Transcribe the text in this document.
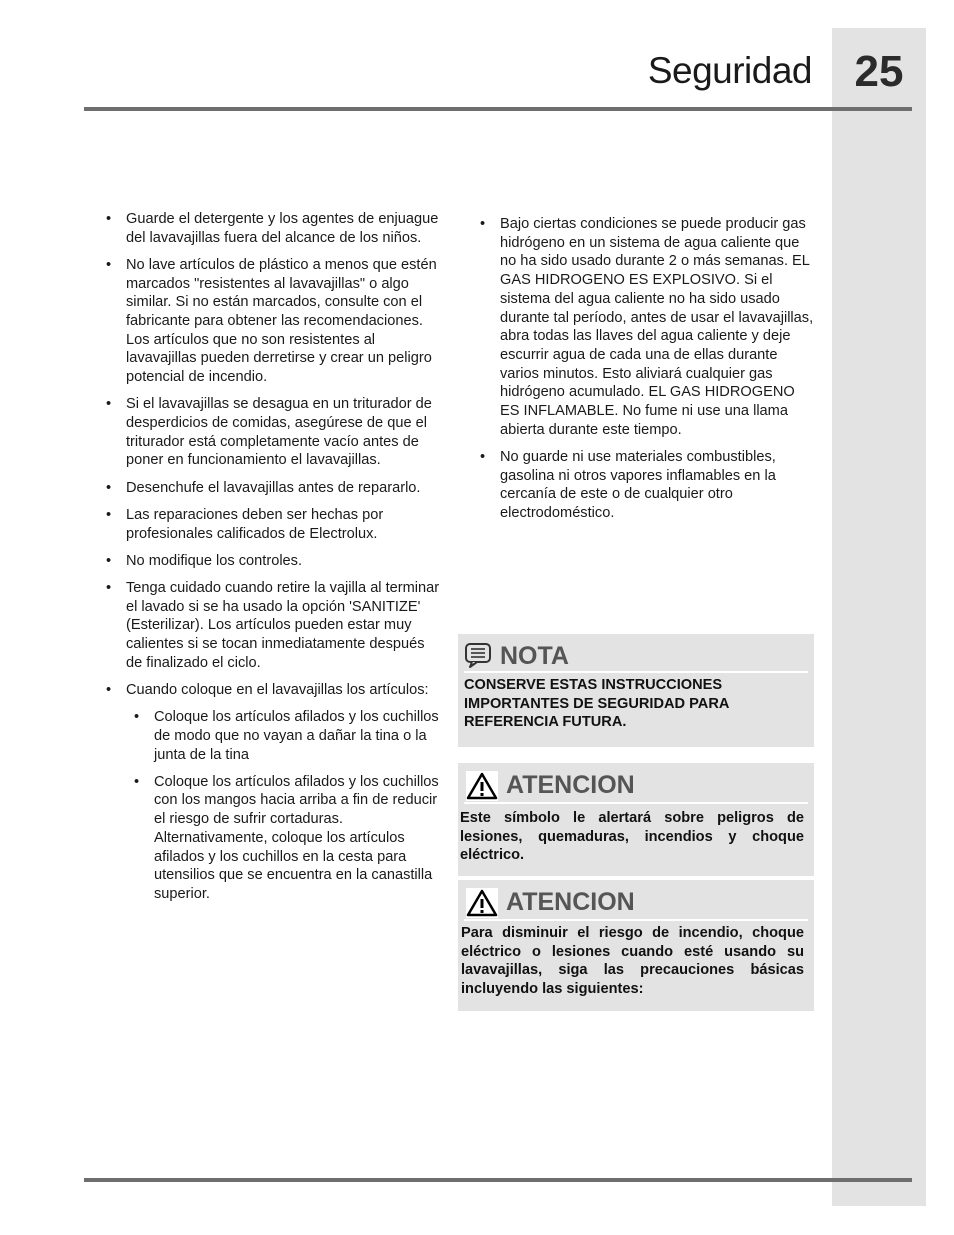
25
Seguridad
• Guarde el detergente y los agentes de enjuague del lavavajillas fuera del alcance de los niños.
• No lave artículos de plástico a menos que estén marcados "resistentes al lavavajillas" o algo similar. Si no están marcados, consulte con el fabricante para obtener las recomendaciones. Los artículos que no son resistentes al lavavajillas pueden derretirse y crear un peligro potencial de incendio.
• Si el lavavajillas se desagua en un triturador de desperdicios de comidas, asegúrese de que el triturador está completamente vacío antes de poner en funcionamiento el lavavajillas.
• Desenchufe el lavavajillas antes de repararlo.
• Las reparaciones deben ser hechas por profesionales calificados de Electrolux.
• No modifique los controles.
• Tenga cuidado cuando retire la vajilla al terminar el lavado si se ha usado la opción 'SANITIZE' (Esterilizar). Los artículos pueden estar muy calientes si se tocan inmediatamente después de finalizado el ciclo.
• Cuando coloque en el lavavajillas los artículos:
• Coloque los artículos afilados y los cuchillos de modo que no vayan a dañar la tina o la junta de la tina
• Coloque los artículos afilados y los cuchillos con los mangos hacia arriba a fin de reducir el riesgo de sufrir cortaduras. Alternativamente, coloque los artículos afilados y los cuchillos en la cesta para utensilios que se encuentra en la canastilla superior.
• Bajo ciertas condiciones se puede producir gas hidrógeno en un sistema de agua caliente que no ha sido usado durante 2 o más semanas. EL GAS HIDROGENO ES EXPLOSIVO. Si el sistema del agua caliente no ha sido usado durante tal período, antes de usar el lavavajillas, abra todas las llaves del agua caliente y deje escurrir agua de cada una de ellas durante varios minutos. Esto aliviará cualquier gas hidrógeno acumulado. EL GAS HIDROGENO ES INFLAMABLE. No fume ni use una llama abierta durante este tiempo.
• No guarde ni use materiales combustibles, gasolina ni otros vapores inflamables en la cercanía de este o de cualquier otro electrodoméstico.
NOTA
CONSERVE ESTAS INSTRUCCIONES IMPORTANTES DE SEGURIDAD PARA REFERENCIA FUTURA.
ATENCION
Este símbolo le alertará sobre peligros de lesiones, quemaduras, incendios y choque eléctrico.
ATENCION
Para disminuir el riesgo de incendio, choque eléctrico o lesiones cuando esté usando su lavavajillas, siga las precauciones básicas incluyendo las siguientes:
